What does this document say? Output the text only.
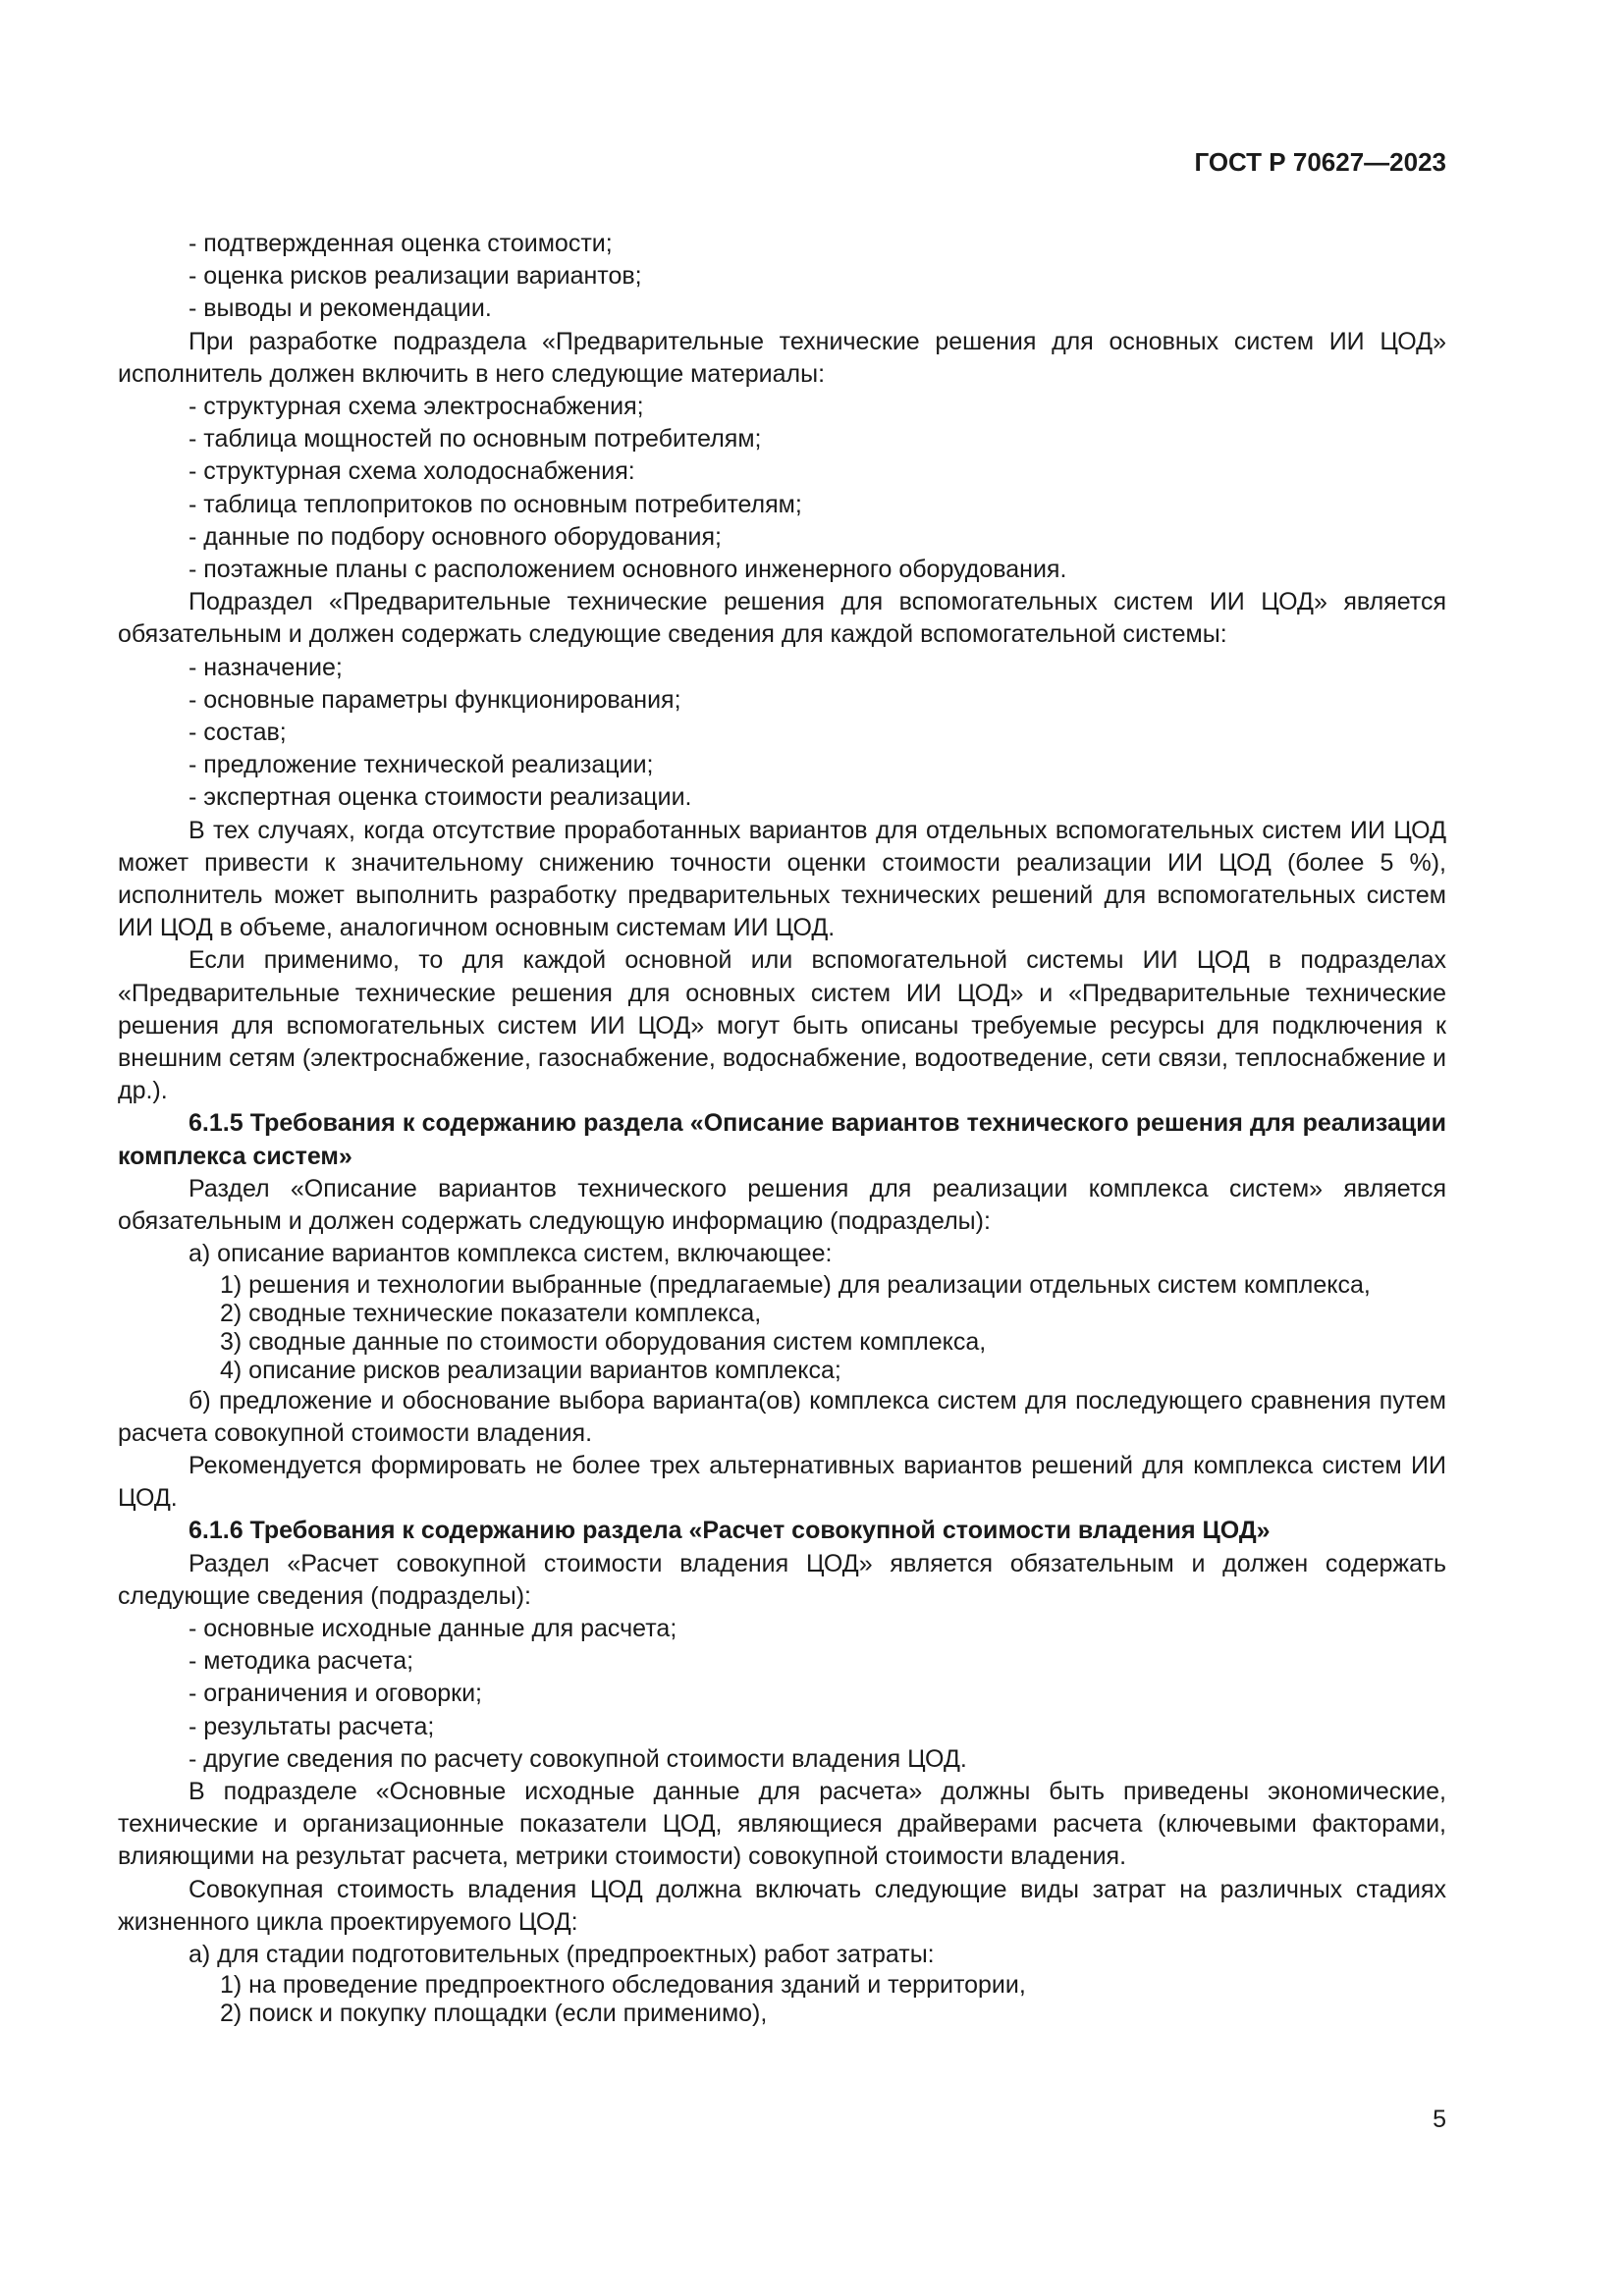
ГОСТ Р 70627—2023
- подтвержденная оценка стоимости;
- оценка рисков реализации вариантов;
- выводы и рекомендации.
При разработке подраздела «Предварительные технические решения для основных систем ИИ ЦОД» исполнитель должен включить в него следующие материалы:
- структурная схема электроснабжения;
- таблица мощностей по основным потребителям;
- структурная схема холодоснабжения:
- таблица теплопритоков по основным потребителям;
- данные по подбору основного оборудования;
- поэтажные планы с расположением основного инженерного оборудования.
Подраздел «Предварительные технические решения для вспомогательных систем ИИ ЦОД» является обязательным и должен содержать следующие сведения для каждой вспомогательной системы:
- назначение;
- основные параметры функционирования;
- состав;
- предложение технической реализации;
- экспертная оценка стоимости реализации.
В тех случаях, когда отсутствие проработанных вариантов для отдельных вспомогательных систем ИИ ЦОД может привести к значительному снижению точности оценки стоимости реализации ИИ ЦОД (более 5 %), исполнитель может выполнить разработку предварительных технических решений для вспомогательных систем ИИ ЦОД в объеме, аналогичном основным системам ИИ ЦОД.
Если применимо, то для каждой основной или вспомогательной системы ИИ ЦОД в подразделах «Предварительные технические решения для основных систем ИИ ЦОД» и «Предварительные технические решения для вспомогательных систем ИИ ЦОД» могут быть описаны требуемые ресурсы для подключения к внешним сетям (электроснабжение, газоснабжение, водоснабжение, водоотведение, сети связи, теплоснабжение и др.).
6.1.5 Требования к содержанию раздела «Описание вариантов технического решения для реализации комплекса систем»
Раздел «Описание вариантов технического решения для реализации комплекса систем» является обязательным и должен содержать следующую информацию (подразделы):
а) описание вариантов комплекса систем, включающее:
1) решения и технологии выбранные (предлагаемые) для реализации отдельных систем комплекса,
2) сводные технические показатели комплекса,
3) сводные данные по стоимости оборудования систем комплекса,
4) описание рисков реализации вариантов комплекса;
б) предложение и обоснование выбора варианта(ов) комплекса систем для последующего сравнения путем расчета совокупной стоимости владения.
Рекомендуется формировать не более трех альтернативных вариантов решений для комплекса систем ИИ ЦОД.
6.1.6 Требования к содержанию раздела «Расчет совокупной стоимости владения ЦОД»
Раздел «Расчет совокупной стоимости владения ЦОД» является обязательным и должен содержать следующие сведения (подразделы):
- основные исходные данные для расчета;
- методика расчета;
- ограничения и оговорки;
- результаты расчета;
- другие сведения по расчету совокупной стоимости владения ЦОД.
В подразделе «Основные исходные данные для расчета» должны быть приведены экономические, технические и организационные показатели ЦОД, являющиеся драйверами расчета (ключевыми факторами, влияющими на результат расчета, метрики стоимости) совокупной стоимости владения.
Совокупная стоимость владения ЦОД должна включать следующие виды затрат на различных стадиях жизненного цикла проектируемого ЦОД:
а) для стадии подготовительных (предпроектных) работ затраты:
1) на проведение предпроектного обследования зданий и территории,
2) поиск и покупку площадки (если применимо),
5
